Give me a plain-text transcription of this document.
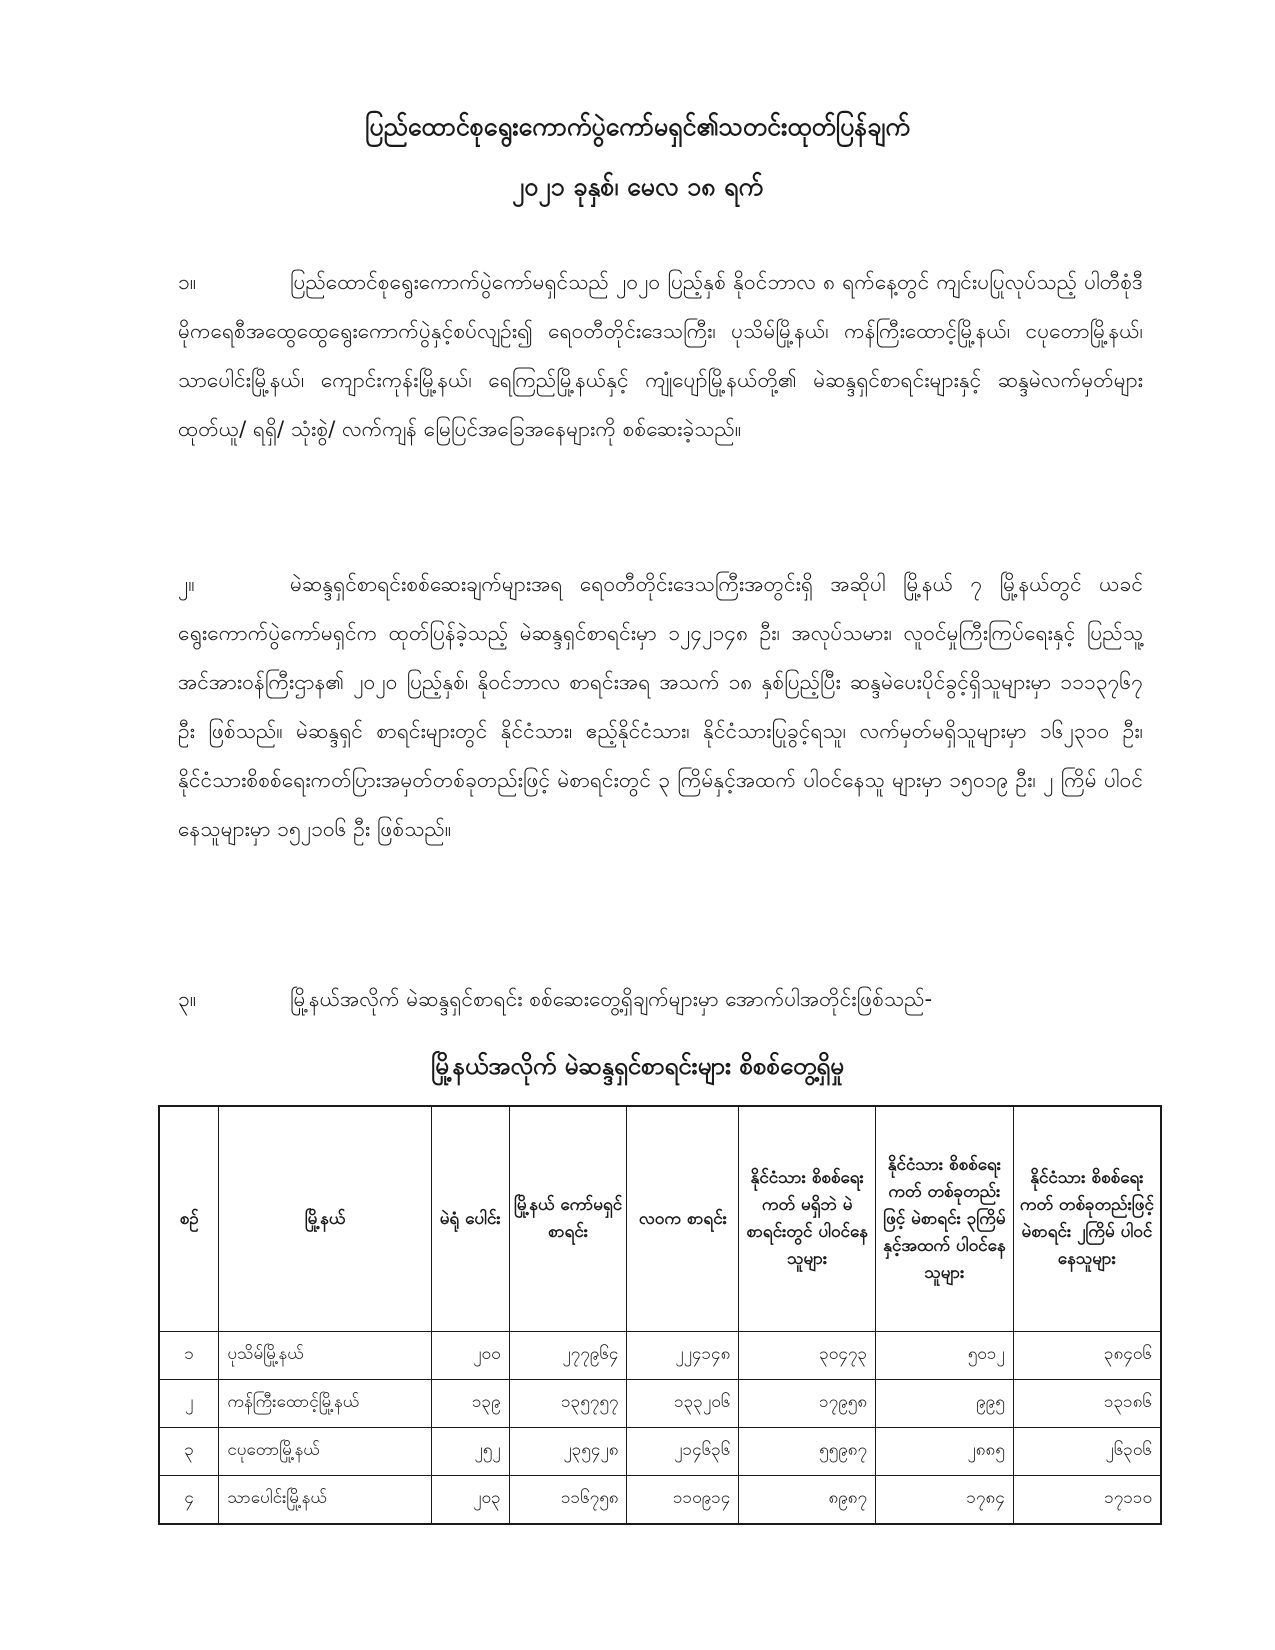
ပြည်ထောင်စုရွေးကောက်ပွဲကော်မရှင်၏သတင်းထုတ်ပြန်ချက်
၂၀၂၁ ခုနှစ်၊ မေလ ၁၈ ရက်
၁။	ပြည်ထောင်စုရွေးကောက်ပွဲကော်မရှင်သည် ၂၀၂၀ ပြည့်နှစ် နိုဝင်ဘာလ ၈ ရက်နေ့တွင် ကျင်းပပြုလုပ်သည့် ပါတီစုံဒီမိုကရေစီအထွေထွေရွေးကောက်ပွဲနှင့်စပ်လျဉ်း၍ ရေဝတီတိုင်းဒေသကြီး၊ ပုသိမ်မြို့နယ်၊ ကန်ကြီးထောင့်မြို့နယ်၊ ငပုတောမြို့နယ်၊ သာပေါင်းမြို့နယ်၊ ကျောင်းကုန်းမြို့နယ်၊ ရေကြည်မြို့နယ်နှင့် ကျုံပျော်မြို့နယ်တို့၏ မဲဆန္ဒရှင်စာရင်းများနှင့် ဆန္ဒမဲလက်မှတ်များ ထုတ်ယူ/ ရရှိ/ သုံးစွဲ/ လက်ကျန် မြေပြင်အခြေအနေများကို စစ်ဆေးခဲ့သည်။
၂။	မဲဆန္ဒရှင်စာရင်းစစ်ဆေးချက်များအရ ရေဝတီတိုင်းဒေသကြီးအတွင်းရှိ အဆိုပါ မြို့နယ် ၇ မြို့နယ်တွင် ယခင် ရွေးကောက်ပွဲကော်မရှင်က ထုတ်ပြန်ခဲ့သည့် မဲဆန္ဒရှင်စာရင်းမှာ ၁၂၄၂၁၄၈ ဦး၊ အလုပ်သမား၊ လူဝင်မှုကြီးကြပ်ရေးနှင့် ပြည်သူ့အင်အားဝန်ကြီးဌာန၏ ၂၀၂၀ ပြည့်နှစ်၊ နိုဝင်ဘာလ စာရင်းအရ အသက် ၁၈ နှစ်ပြည့်ပြီး ဆန္ဒမဲပေးပိုင်ခွင့်ရှိသူများမှာ ၁၁၁၃၇၆၇ ဦး ဖြစ်သည်။ မဲဆန္ဒရှင် စာရင်းများတွင် နိုင်ငံသား၊ ဧည့်နိုင်ငံသား၊ နိုင်ငံသားပြုခွင့်ရသူ၊ လက်မှတ်မရှိသူများမှာ ၁၆၂၃၁၀ ဦး၊ နိုင်ငံသားစိစစ်ရေးကတ်ပြားအမှတ်တစ်ခုတည်းဖြင့် မဲစာရင်းတွင် ၃ ကြိမ်နှင့်အထက် ပါဝင်နေသူ များမှာ ၁၅၀၁၉ ဦး၊ ၂ ကြိမ် ပါဝင်နေသူများမှာ ၁၅၂၁၀၆ ဦး ဖြစ်သည်။
၃။	မြို့နယ်အလိုက် မဲဆန္ဒရှင်စာရင်း စစ်ဆေးတွေ့ရှိချက်များမှာ အောက်ပါအတိုင်းဖြစ်သည်-
မြို့နယ်အလိုက် မဲဆန္ဒရှင်စာရင်းများ စိစစ်တွေ့ရှိမှု
စဉ်	မြို့နယ်	မဲရုံ ပေါင်း	မြို့နယ် ကော်မရှင် စာရင်း	လဝက စာရင်း	နိုင်ငံသား စိစစ်ရေးကတ် မရှိဘဲ မဲစာရင်းတွင် ပါဝင်နေသူများ	နိုင်ငံသား စိစစ်ရေးကတ် တစ်ခုတည်းဖြင့် မဲစာရင်း ၃ကြိမ် နှင့်အထက် ပါဝင်နေသူများ	နိုင်ငံသား စိစစ်ရေးကတ် တစ်ခုတည်းဖြင့် မဲစာရင်း ၂ကြိမ် ပါဝင်နေသူများ
၁	ပုသိမ်မြို့နယ်	၂၀၀	၂၇၇၉၆၄	၂၂၄၁၄၈	၃၀၄၇၃	၅၀၁၂	၃၈၄၀၆
၂	ကန်ကြီးထောင့်မြို့နယ်	၁၃၉	၁၃၅၇၅၇	၁၃၃၂၀၆	၁၇၉၅၈	၉၉၅	၁၃၁၈၆
၃	ငပုတောမြို့နယ်	၂၅၂	၂၃၅၄၂၈	၂၁၄၆၃၆	၅၅၉၈၇	၂၈၈၅	၂၆၃၀၆
၄	သာပေါင်းမြို့နယ်	၂၀၃	၁၁၆၇၅၈	၁၁၀၉၁၄	၈၉၈၇	၁၇၈၄	၁၇၁၁၀
